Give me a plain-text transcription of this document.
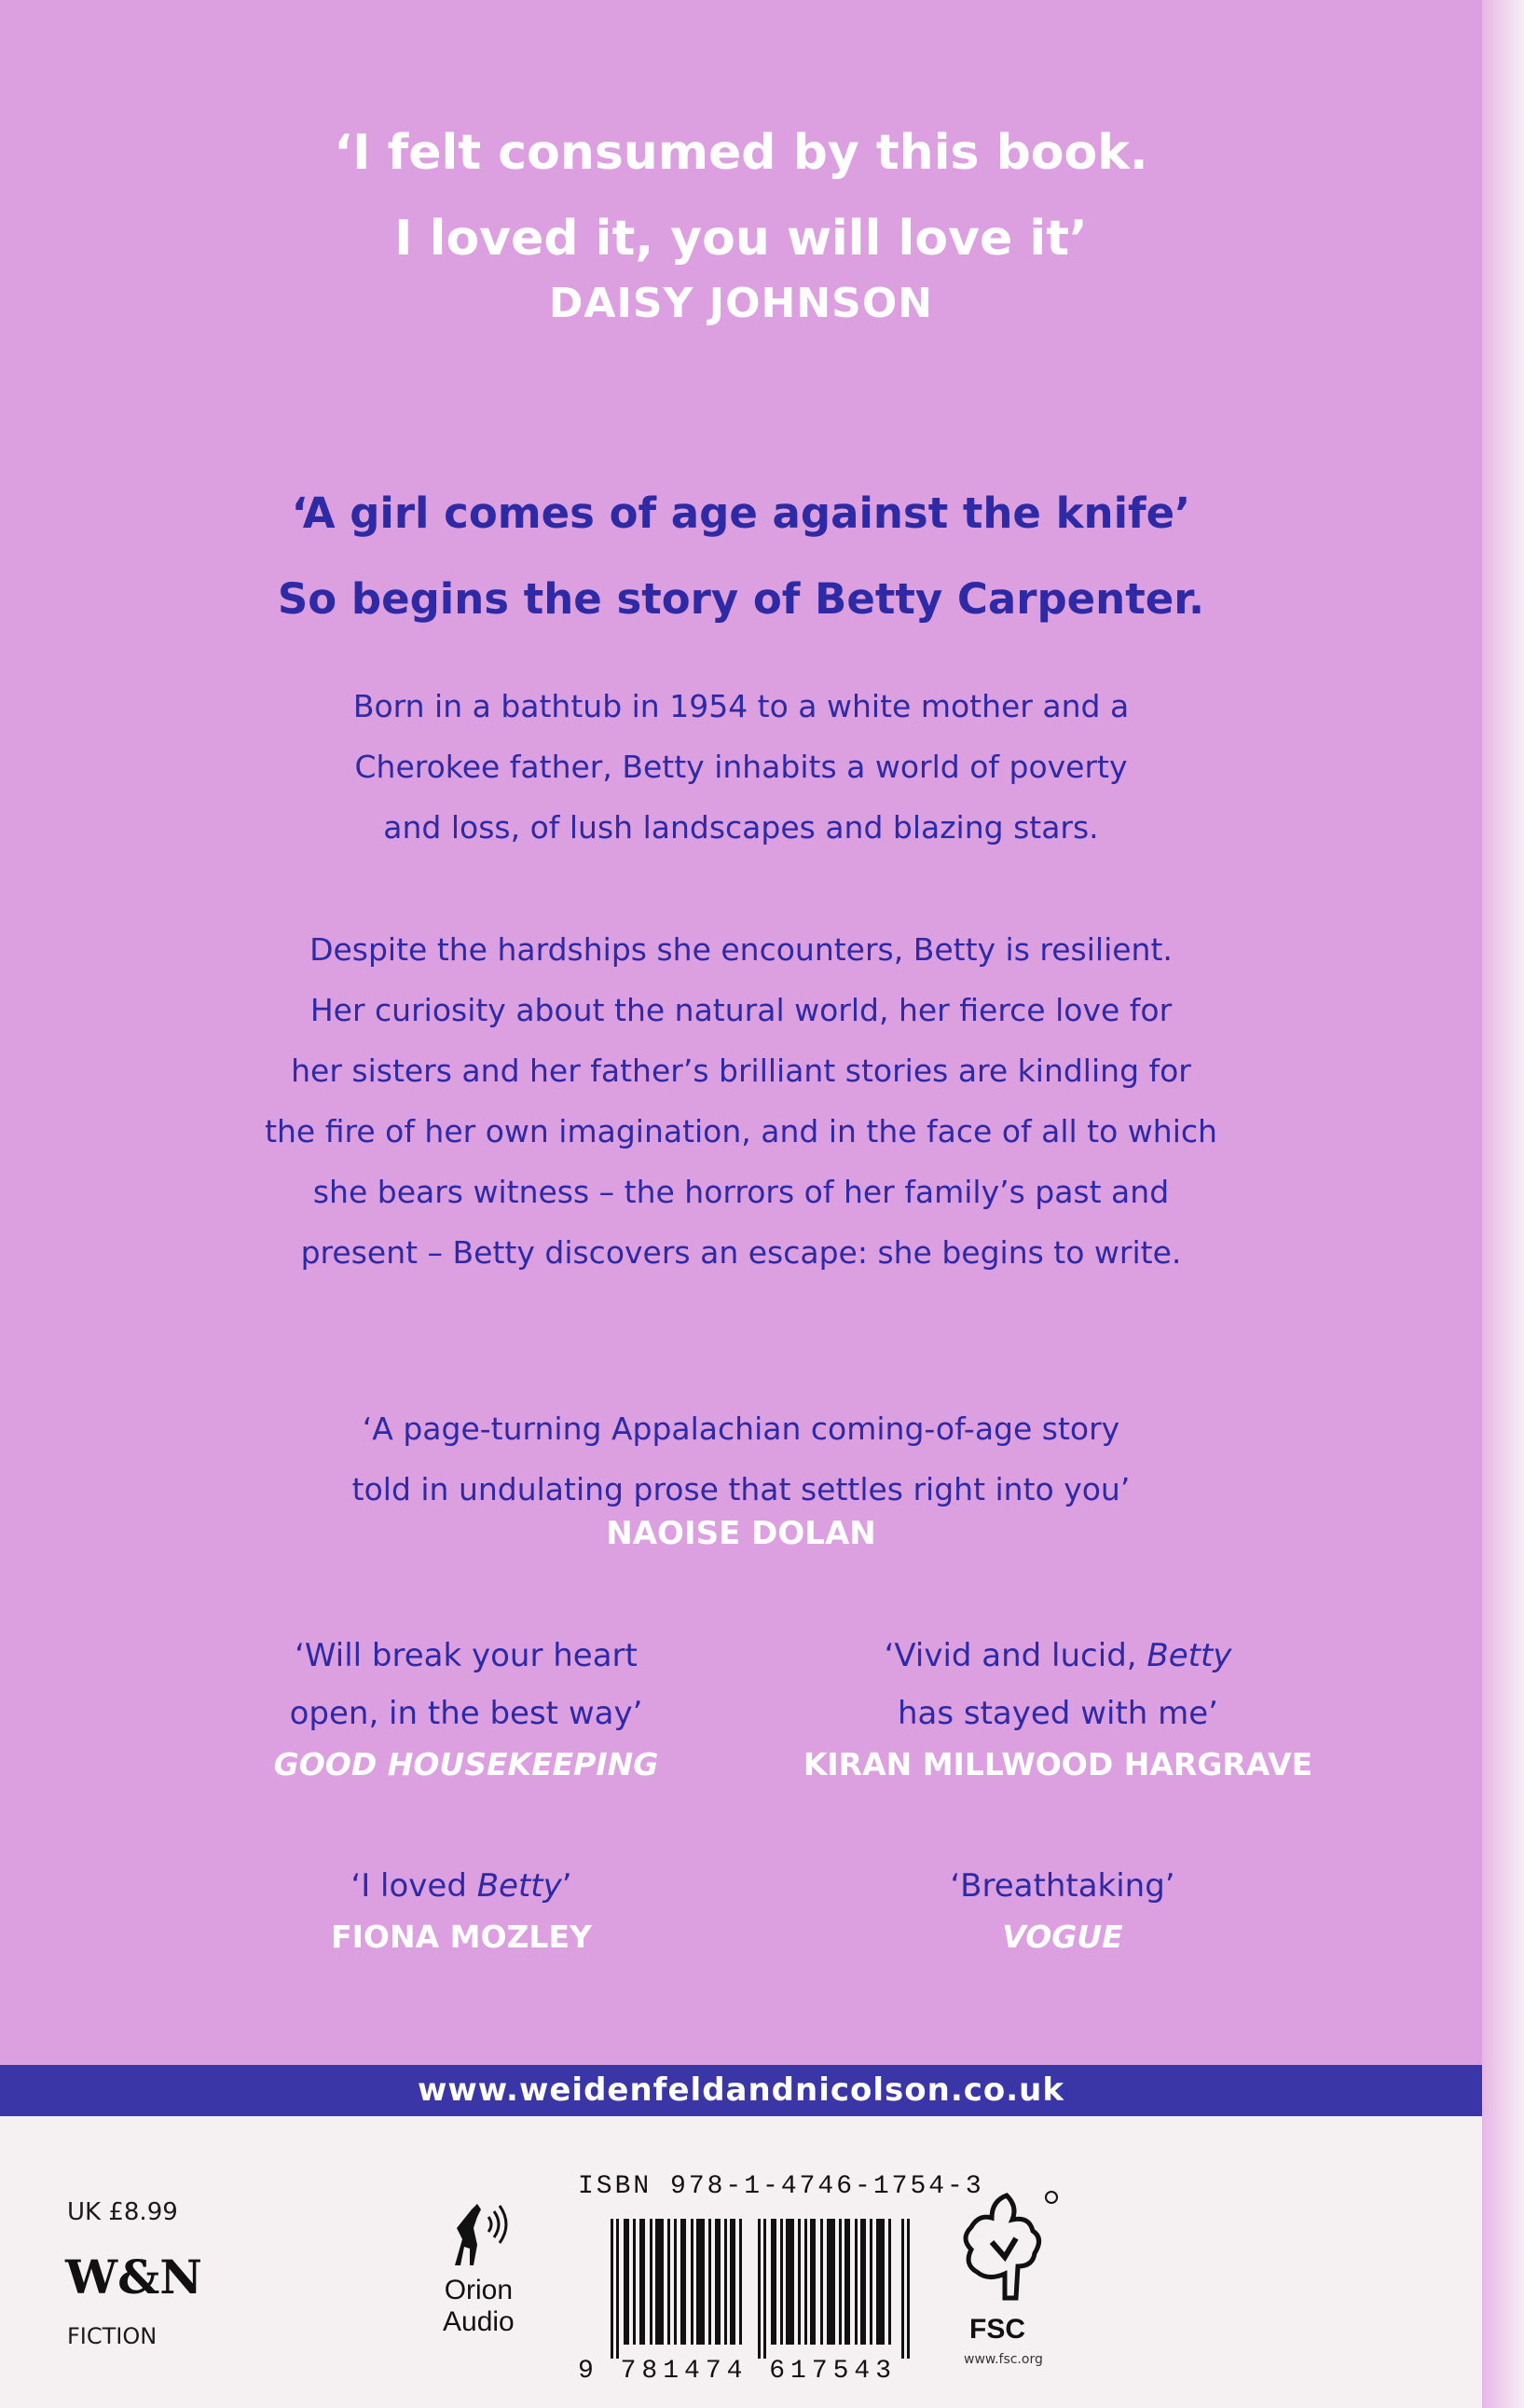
‘I felt consumed by this book.
I loved it, you will love it’
DAISY JOHNSON
‘A girl comes of age against the knife’
So begins the story of Betty Carpenter.
Born in a bathtub in 1954 to a white mother and a
Cherokee father, Betty inhabits a world of poverty
and loss, of lush landscapes and blazing stars.
Despite the hardships she encounters, Betty is resilient.
Her curiosity about the natural world, her fierce love for
her sisters and her father’s brilliant stories are kindling for
the fire of her own imagination, and in the face of all to which
she bears witness – the horrors of her family’s past and
present – Betty discovers an escape: she begins to write.
‘A page-turning Appalachian coming-of-age story
told in undulating prose that settles right into you’
NAOISE DOLAN
‘Will break your heart
open, in the best way’
GOOD HOUSEKEEPING
‘Vivid and lucid, Betty
has stayed with me’
KIRAN MILLWOOD HARGRAVE
‘I loved Betty’
FIONA MOZLEY
‘Breathtaking’
VOGUE
www.weidenfeldandnicolson.co.uk
UK £8.99
W&N
FICTION
Orion
Audio
ISBN 978-1-4746-1754-3
9 781474 617543
FSC
www.fsc.org
